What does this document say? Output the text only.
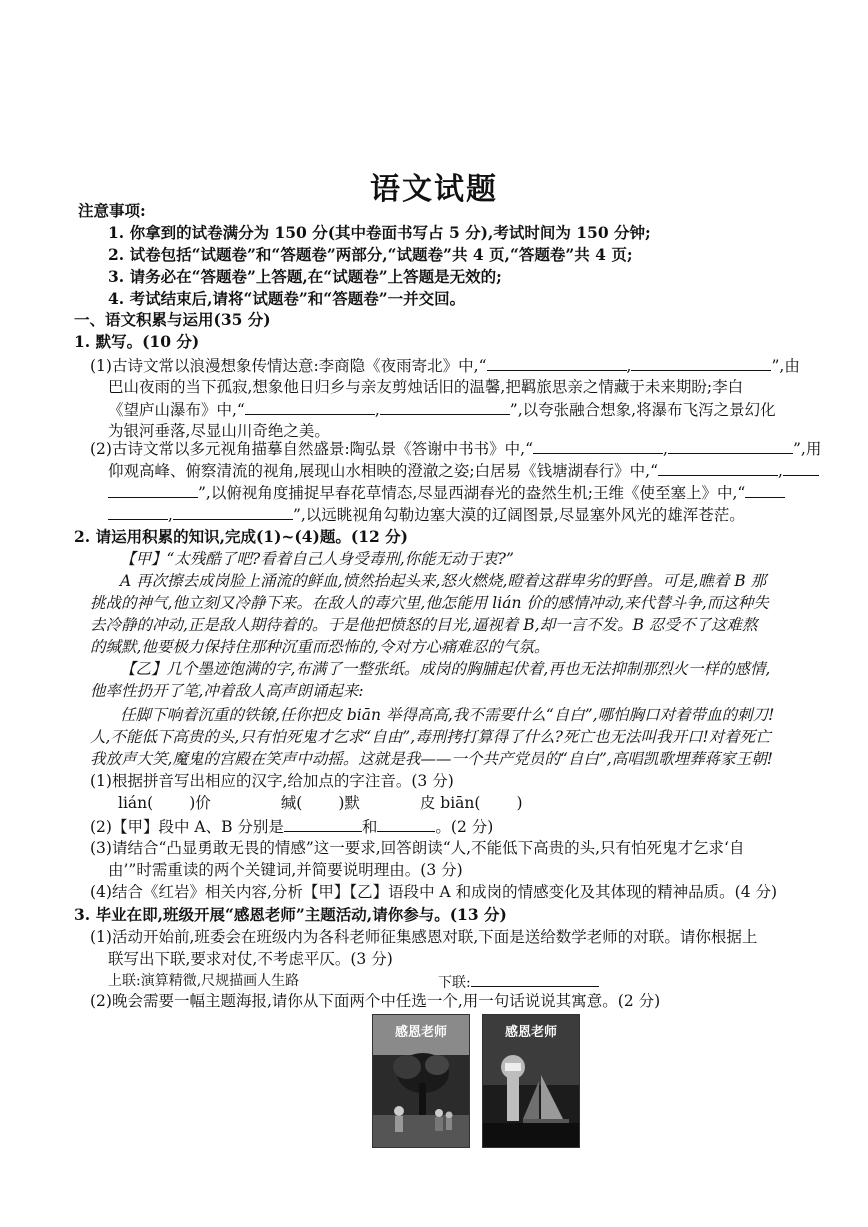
语文试题
注意事项:
1. 你拿到的试卷满分为 150 分(其中卷面书写占 5 分),考试时间为 150 分钟;
2. 试卷包括“试题卷”和“答题卷”两部分,“试题卷”共 4 页,“答题卷”共 4 页;
3. 请务必在“答题卷”上答题,在“试题卷”上答题是无效的;
4. 考试结束后,请将“试题卷”和“答题卷”一并交回。
一、语文积累与运用(35 分)
1. 默写。(10 分)
(1)古诗文常以浪漫想象传情达意:李商隐《夜雨寄北》中,“	,	”,由
巴山夜雨的当下孤寂,想象他日归乡与亲友剪烛话旧的温馨,把羁旅思亲之情藏于未来期盼;李白
《望庐山瀑布》中,“	,	”,以夸张融合想象,将瀑布飞泻之景幻化
为银河垂落,尽显山川奇绝之美。
(2)古诗文常以多元视角描摹自然盛景:陶弘景《答谢中书书》中,“	,	”,用
仰观高峰、俯察清流的视角,展现山水相映的澄澈之姿;白居易《钱塘湖春行》中,“	,
”,以俯视角度捕捉早春花草情态,尽显西湖春光的盎然生机;王维《使至塞上》中,“
,	”,以远眺视角勾勒边塞大漠的辽阔图景,尽显塞外风光的雄浑苍茫。
2. 请运用积累的知识,完成(1)~(4)题。(12 分)
【甲】“太残酷了吧?看着自己人身受毒刑,你能无动于衷?”
A 再次擦去成岗脸上涌流的鲜血,愤然抬起头来,怒火燃烧,瞪着这群卑劣的野兽。可是,瞧着 B 那
挑战的神气,他立刻又冷静下来。在敌人的毒穴里,他怎能用 lián 价的感情冲动,来代替斗争,而这种失
去冷静的冲动,正是敌人期待着的。于是他把愤怒的目光,逼视着 B,却一言不发。B 忍受不了这难熬
的缄默,他要极力保持住那种沉重而恐怖的,令对方心痛难忍的气氛。
【乙】几个墨迹饱满的字,布满了一整张纸。成岗的胸脯起伏着,再也无法抑制那烈火一样的感情,
他率性扔开了笔,冲着敌人高声朗诵起来:
任脚下响着沉重的铁镣,任你把皮 biān 举得高高,我不需要什么“自白”,哪怕胸口对着带血的刺刀!
人,不能低下高贵的头,只有怕死鬼才乞求“自由”,毒刑拷打算得了什么?死亡也无法叫我开口!对着死亡
我放声大笑,魔鬼的宫殿在笑声中动摇。这就是我——一个共产党员的“自白”,高唱凯歌埋葬蒋家王朝!
(1)根据拼音写出相应的汉字,给加点的字注音。(3 分)
lián( )价	缄( )默	皮 biān( )
(2)【甲】段中 A、B 分别是	和	。(2 分)
(3)请结合“凸显勇敢无畏的情感”这一要求,回答朗读“人,不能低下高贵的头,只有怕死鬼才乞求‘自
由’”时需重读的两个关键词,并简要说明理由。(3 分)
(4)结合《红岩》相关内容,分析【甲】【乙】语段中 A 和成岗的情感变化及其体现的精神品质。(4 分)
3. 毕业在即,班级开展“感恩老师”主题活动,请你参与。(13 分)
(1)活动开始前,班委会在班级内为各科老师征集感恩对联,下面是送给数学老师的对联。请你根据上
联写出下联,要求对仗,不考虑平仄。(3 分)
上联:演算精微,尺规描画人生路	下联:
(2)晚会需要一幅主题海报,请你从下面两个中任选一个,用一句话说说其寓意。(2 分)
感恩老师	感恩老师
